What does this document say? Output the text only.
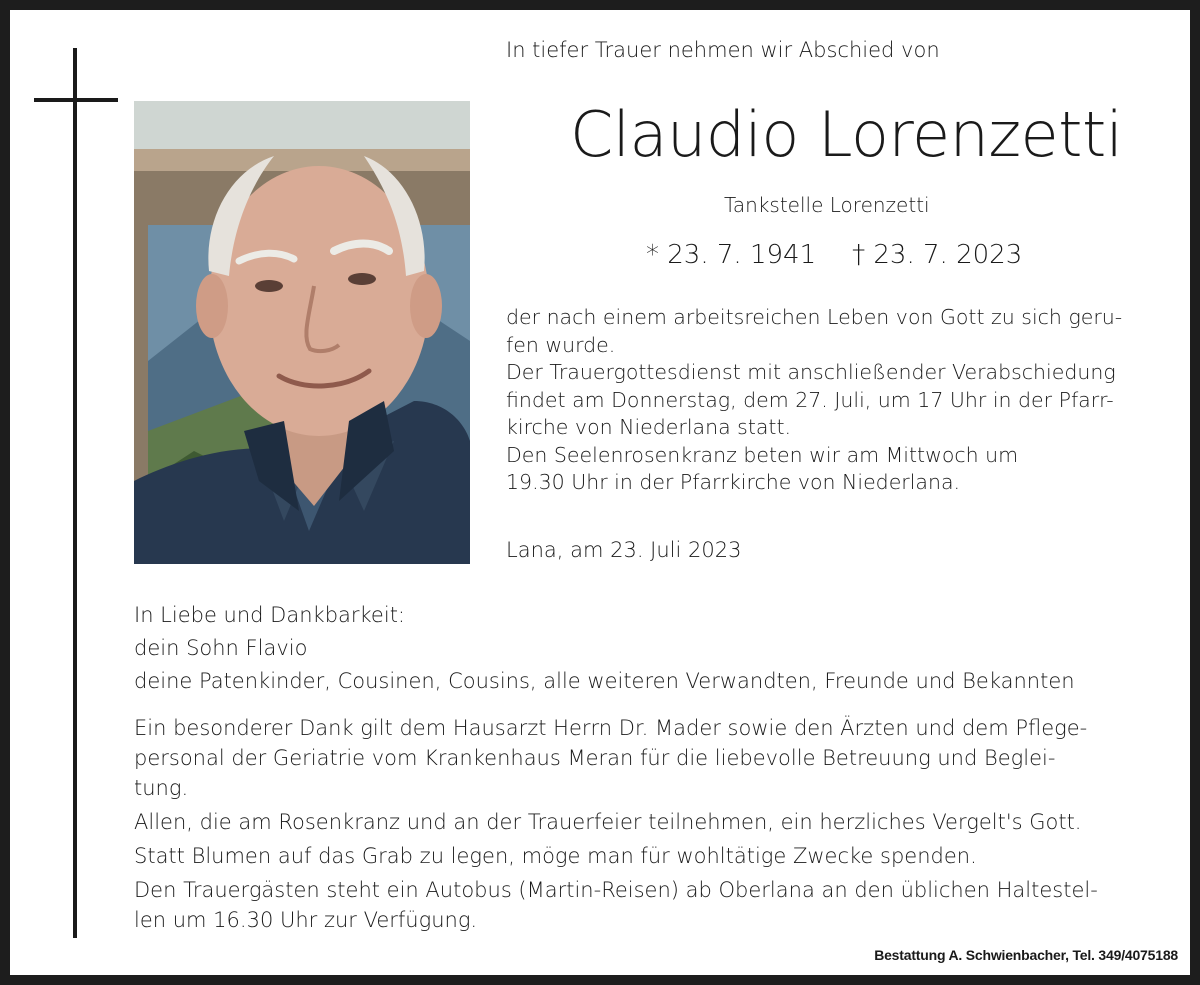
In tiefer Trauer nehmen wir Abschied von
Claudio Lorenzetti
Tankstelle Lorenzetti
* 23. 7. 1941 † 23. 7. 2023

der nach einem arbeitsreichen Leben von Gott zu sich geru-
fen wurde.

Der Trauergottesdienst mit anschließender Verabschiedung
findet am Donnerstag, dem 27. Juli, um 17 Uhr in der Pfarr-
kirche von Niederlana statt.

Den Seelenrosenkranz beten wir am Mittwoch um
19.30 Uhr in der Pfarrkirche von Niederlana.

Lana, am 23. Juli 2023
In Liebe und Dankbarkeit:
dein Sohn Flavio
deine Patenkinder, Cousinen, Cousins, alle weiteren Verwandten, Freunde und Bekannten

Ein besonderer Dank gilt dem Hausarzt Herrn Dr. Mader sowie den Ärzten und dem Pflege-
personal der Geriatrie vom Krankenhaus Meran für die liebevolle Betreuung und Beglei-
tung.

Allen, die am Rosenkranz und an der Trauerfeier teilnehmen, ein herzliches Vergelt's Gott.

Statt Blumen auf das Grab zu legen, möge man für wohltätige Zwecke spenden.

Den Trauergästen steht ein Autobus (Martin-Reisen) ab Oberlana an den üblichen Haltestel-
len um 16.30 Uhr zur Verfügung.

Bestattung A. Schwienbacher, Tel. 349/4075188
